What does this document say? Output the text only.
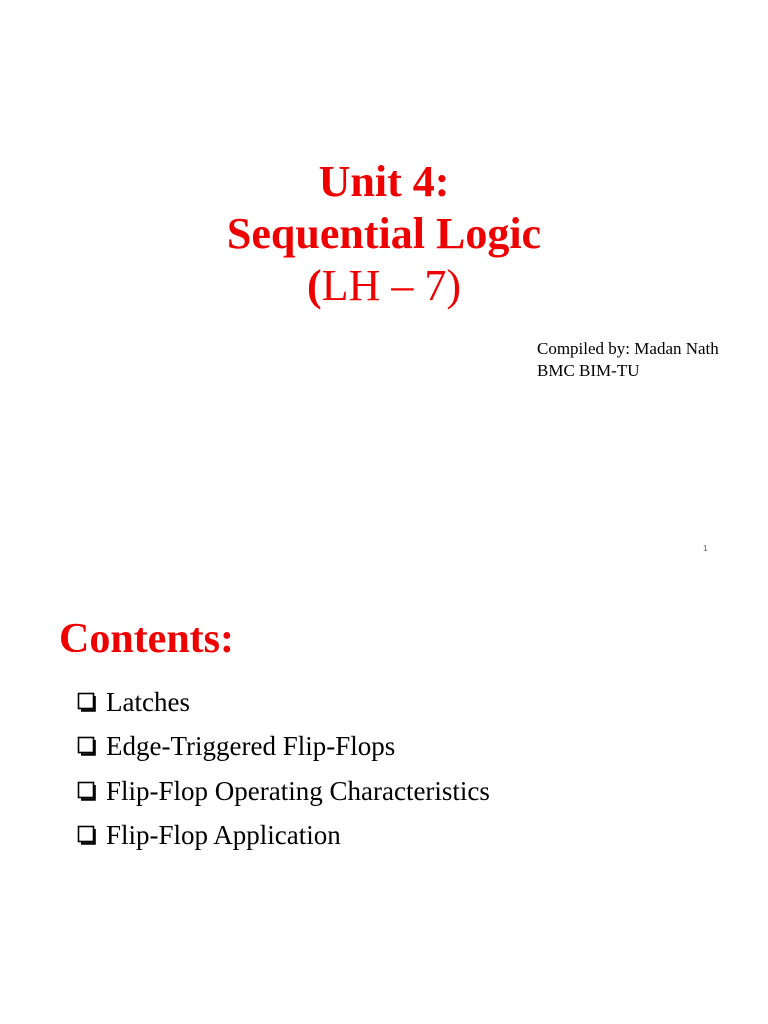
Unit 4:
Sequential Logic
(LH – 7)
Compiled by: Madan Nath
BMC BIM-TU
1
Contents:
Latches
Edge-Triggered Flip-Flops
Flip-Flop Operating Characteristics
Flip-Flop Application
